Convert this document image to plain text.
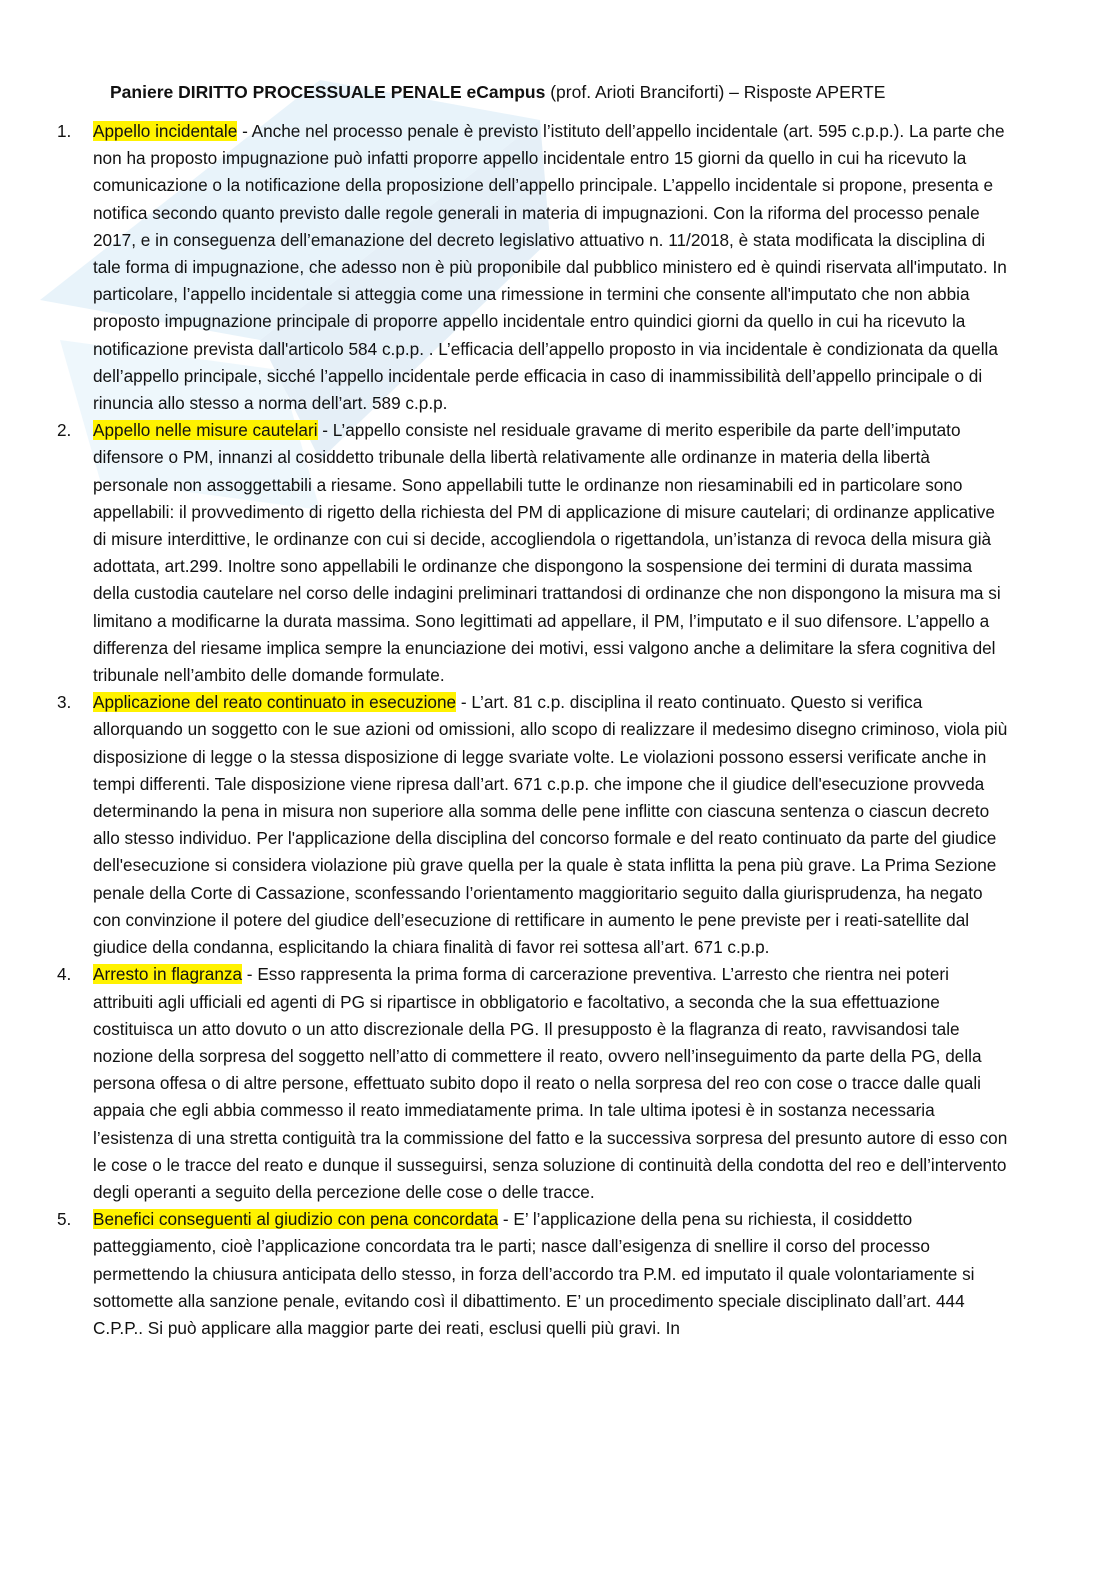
Paniere DIRITTO PROCESSUALE PENALE eCampus (prof. Arioti Branciforti) – Risposte APERTE
1. Appello incidentale - Anche nel processo penale è previsto l’istituto dell’appello incidentale (art. 595 c.p.p.). La parte che non ha proposto impugnazione può infatti proporre appello incidentale entro 15 giorni da quello in cui ha ricevuto la comunicazione o la notificazione della proposizione dell’appello principale. L’appello incidentale si propone, presenta e notifica secondo quanto previsto dalle regole generali in materia di impugnazioni. Con la riforma del processo penale 2017, e in conseguenza dell’emanazione del decreto legislativo attuativo n. 11/2018, è stata modificata la disciplina di tale forma di impugnazione, che adesso non è più proponibile dal pubblico ministero ed è quindi riservata all'imputato. In particolare, l’appello incidentale si atteggia come una rimessione in termini che consente all'imputato che non abbia proposto impugnazione principale di proporre appello incidentale entro quindici giorni da quello in cui ha ricevuto la notificazione prevista dall'articolo 584 c.p.p. . L’efficacia dell’appello proposto in via incidentale è condizionata da quella dell’appello principale, sicché l’appello incidentale perde efficacia in caso di inammissibilità dell’appello principale o di rinuncia allo stesso a norma dell’art. 589 c.p.p.
2. Appello nelle misure cautelari - L’appello consiste nel residuale gravame di merito esperibile da parte dell’imputato difensore o PM, innanzi al cosiddetto tribunale della libertà relativamente alle ordinanze in materia della libertà personale non assoggettabili a riesame. Sono appellabili tutte le ordinanze non riesaminabili ed in particolare sono appellabili: il provvedimento di rigetto della richiesta del PM di applicazione di misure cautelari; di ordinanze applicative di misure interdittive, le ordinanze con cui si decide, accogliendola o rigettandola, un’istanza di revoca della misura già adottata, art.299. Inoltre sono appellabili le ordinanze che dispongono la sospensione dei termini di durata massima della custodia cautelare nel corso delle indagini preliminari trattandosi di ordinanze che non dispongono la misura ma si limitano a modificarne la durata massima. Sono legittimati ad appellare, il PM, l’imputato e il suo difensore. L’appello a differenza del riesame implica sempre la enunciazione dei motivi, essi valgono anche a delimitare la sfera cognitiva del tribunale nell’ambito delle domande formulate.
3. Applicazione del reato continuato in esecuzione - L’art. 81 c.p. disciplina il reato continuato. Questo si verifica allorquando un soggetto con le sue azioni od omissioni, allo scopo di realizzare il medesimo disegno criminoso, viola più disposizione di legge o la stessa disposizione di legge svariate volte. Le violazioni possono essersi verificate anche in tempi differenti. Tale disposizione viene ripresa dall’art. 671 c.p.p. che impone che il giudice dell'esecuzione provveda determinando la pena in misura non superiore alla somma delle pene inflitte con ciascuna sentenza o ciascun decreto allo stesso individuo. Per l'applicazione della disciplina del concorso formale e del reato continuato da parte del giudice dell'esecuzione si considera violazione più grave quella per la quale è stata inflitta la pena più grave. La Prima Sezione penale della Corte di Cassazione, sconfessando l’orientamento maggioritario seguito dalla giurisprudenza, ha negato con convinzione il potere del giudice dell’esecuzione di rettificare in aumento le pene previste per i reati-satellite dal giudice della condanna, esplicitando la chiara finalità di favor rei sottesa all’art. 671 c.p.p.
4. Arresto in flagranza - Esso rappresenta la prima forma di carcerazione preventiva. L’arresto che rientra nei poteri attribuiti agli ufficiali ed agenti di PG si ripartisce in obbligatorio e facoltativo, a seconda che la sua effettuazione costituisca un atto dovuto o un atto discrezionale della PG. Il presupposto è la flagranza di reato, ravvisandosi tale nozione della sorpresa del soggetto nell’atto di commettere il reato, ovvero nell’inseguimento da parte della PG, della persona offesa o di altre persone, effettuato subito dopo il reato o nella sorpresa del reo con cose o tracce dalle quali appaia che egli abbia commesso il reato immediatamente prima. In tale ultima ipotesi è in sostanza necessaria l’esistenza di una stretta contiguità tra la commissione del fatto e la successiva sorpresa del presunto autore di esso con le cose o le tracce del reato e dunque il susseguirsi, senza soluzione di continuità della condotta del reo e dell’intervento degli operanti a seguito della percezione delle cose o delle tracce.
5. Benefici conseguenti al giudizio con pena concordata - E’ l’applicazione della pena su richiesta, il cosiddetto patteggiamento, cioè l’applicazione concordata tra le parti; nasce dall’esigenza di snellire il corso del processo permettendo la chiusura anticipata dello stesso, in forza dell’accordo tra P.M. ed imputato il quale volontariamente si sottomette alla sanzione penale, evitando così il dibattimento. E’ un procedimento speciale disciplinato dall’art. 444 C.P.P.. Si può applicare alla maggior parte dei reati, esclusi quelli più gravi. In
